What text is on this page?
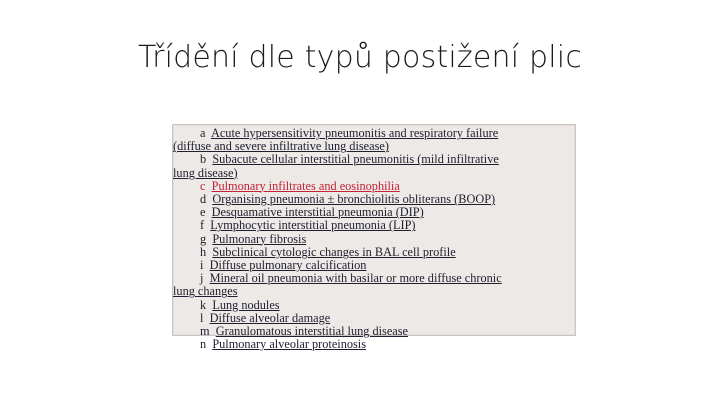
Třídění dle typů postižení plic
a Acute hypersensitivity pneumonitis and respiratory failure
(diffuse and severe infiltrative lung disease)
b Subacute cellular interstitial pneumonitis (mild infiltrative
lung disease)
c Pulmonary infiltrates and eosinophilia
d Organising pneumonia ± bronchiolitis obliterans (BOOP)
e Desquamative interstitial pneumonia (DIP)
f Lymphocytic interstitial pneumonia (LIP)
g Pulmonary fibrosis
h Subclinical cytologic changes in BAL cell profile
i Diffuse pulmonary calcification
j Mineral oil pneumonia with basilar or more diffuse chronic
lung changes
k Lung nodules
l Diffuse alveolar damage
m Granulomatous interstitial lung disease
n Pulmonary alveolar proteinosis
